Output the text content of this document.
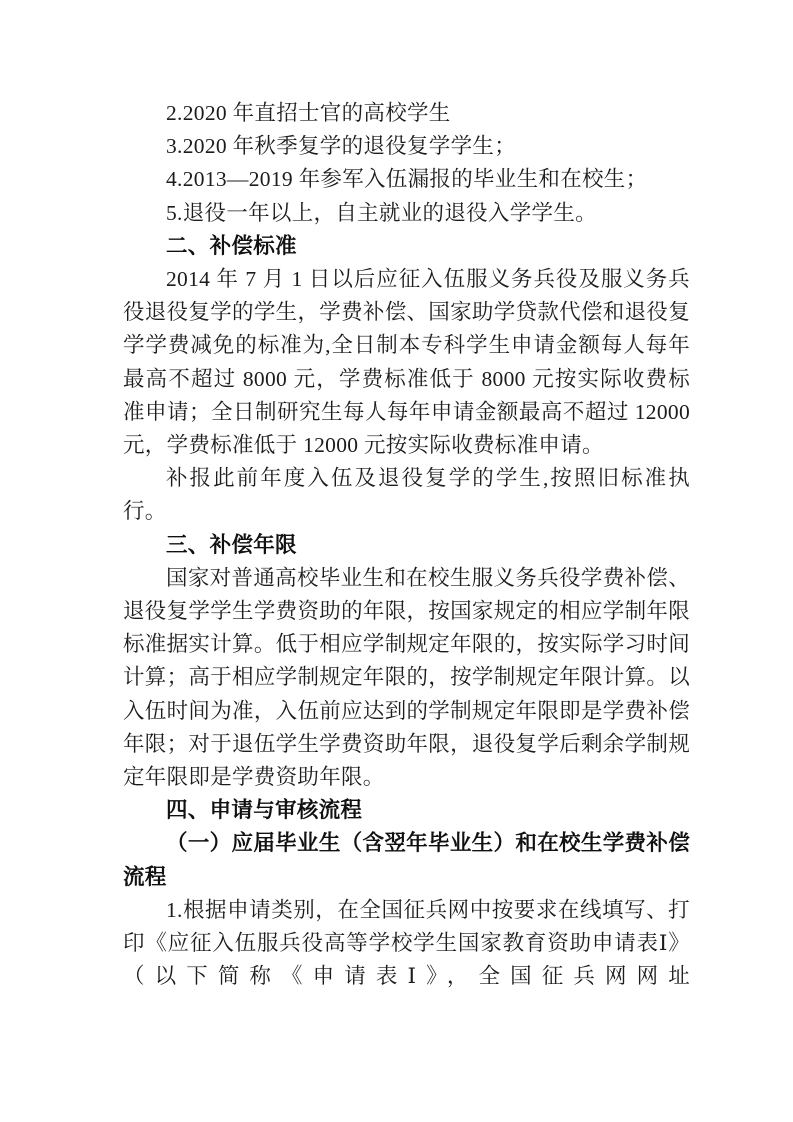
2.2020 年直招士官的高校学生

3.2020 年秋季复学的退役复学学生；

4.2013—2019 年参军入伍漏报的毕业生和在校生；

5.退役一年以上，自主就业的退役入学学生。

二、补偿标准

2014 年 7 月 1 日以后应征入伍服义务兵役及服义务兵役退役复学的学生，学费补偿、国家助学贷款代偿和退役复学学费减免的标准为,全日制本专科学生申请金额每人每年最高不超过 8000 元，学费标准低于 8000 元按实际收费标准申请；全日制研究生每人每年申请金额最高不超过 12000 元，学费标准低于 12000 元按实际收费标准申请。

补报此前年度入伍及退役复学的学生,按照旧标准执行。

三、补偿年限

国家对普通高校毕业生和在校生服义务兵役学费补偿、退役复学学生学费资助的年限，按国家规定的相应学制年限标准据实计算。低于相应学制规定年限的，按实际学习时间计算；高于相应学制规定年限的，按学制规定年限计算。以入伍时间为准，入伍前应达到的学制规定年限即是学费补偿年限；对于退伍学生学费资助年限，退役复学后剩余学制规定年限即是学费资助年限。

四、申请与审核流程

（一）应届毕业生（含翌年毕业生）和在校生学费补偿流程

1.根据申请类别，在全国征兵网中按要求在线填写、打印《应征入伍服兵役高等学校学生国家教育资助申请表Ⅰ》（以下简称《申请表Ⅰ》，全国征兵网网址
